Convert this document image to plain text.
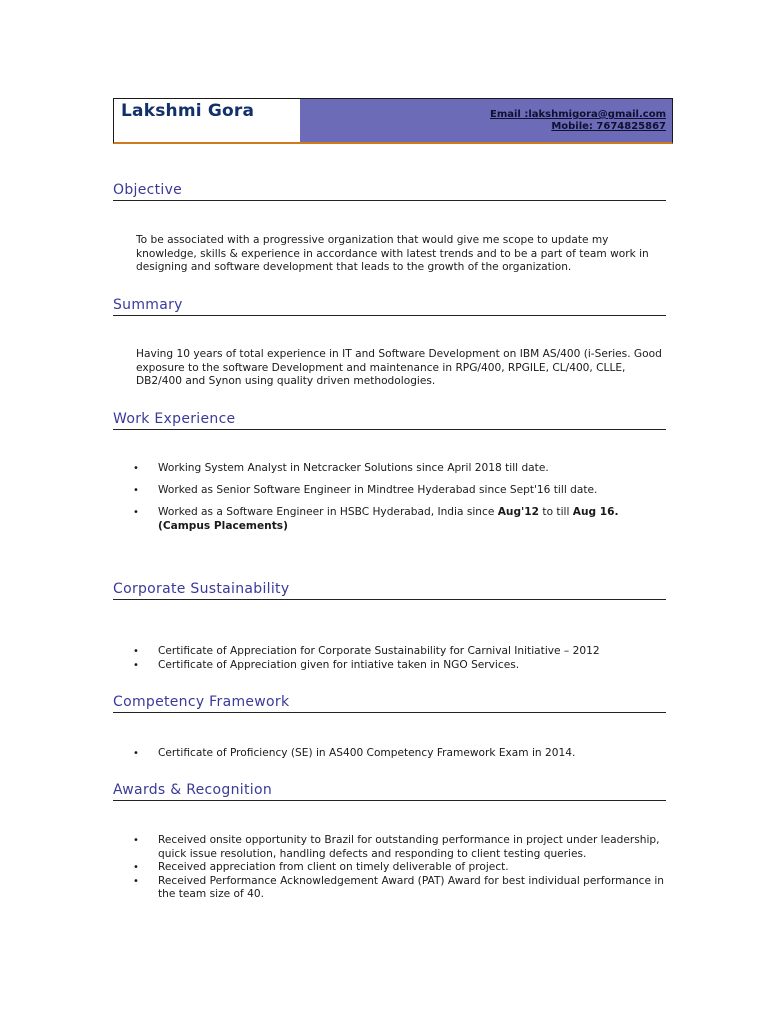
Lakshmi Gora	Email :lakshmigora@gmail.com
Mobile: 7674825867
Objective

To be associated with a progressive organization that would give me scope to update my knowledge, skills & experience in accordance with latest trends and to be a part of team work in designing and software development that leads to the growth of the organization.

Summary

Having 10 years of total experience in IT and Software Development on IBM AS/400 (i-Series. Good exposure to the software Development and maintenance in RPG/400, RPGILE, CL/400, CLLE, DB2/400 and Synon using quality driven methodologies.

Work Experience
• Working System Analyst in Netcracker Solutions since April 2018 till date.
• Worked as Senior Software Engineer in Mindtree Hyderabad since Sept'16 till date.
• Worked as a Software Engineer in HSBC Hyderabad, India since Aug'12 to till Aug 16.
(Campus Placements)
Corporate Sustainability
• Certificate of Appreciation for Corporate Sustainability for Carnival Initiative – 2012
• Certificate of Appreciation given for intiative taken in NGO Services.
Competency Framework
• Certificate of Proficiency (SE) in AS400 Competency Framework Exam in 2014.
Awards & Recognition
• Received onsite opportunity to Brazil for outstanding performance in project under leadership, quick issue resolution, handling defects and responding to client testing queries.
• Received appreciation from client on timely deliverable of project.
• Received Performance Acknowledgement Award (PAT) Award for best individual performance in the team size of 40.
